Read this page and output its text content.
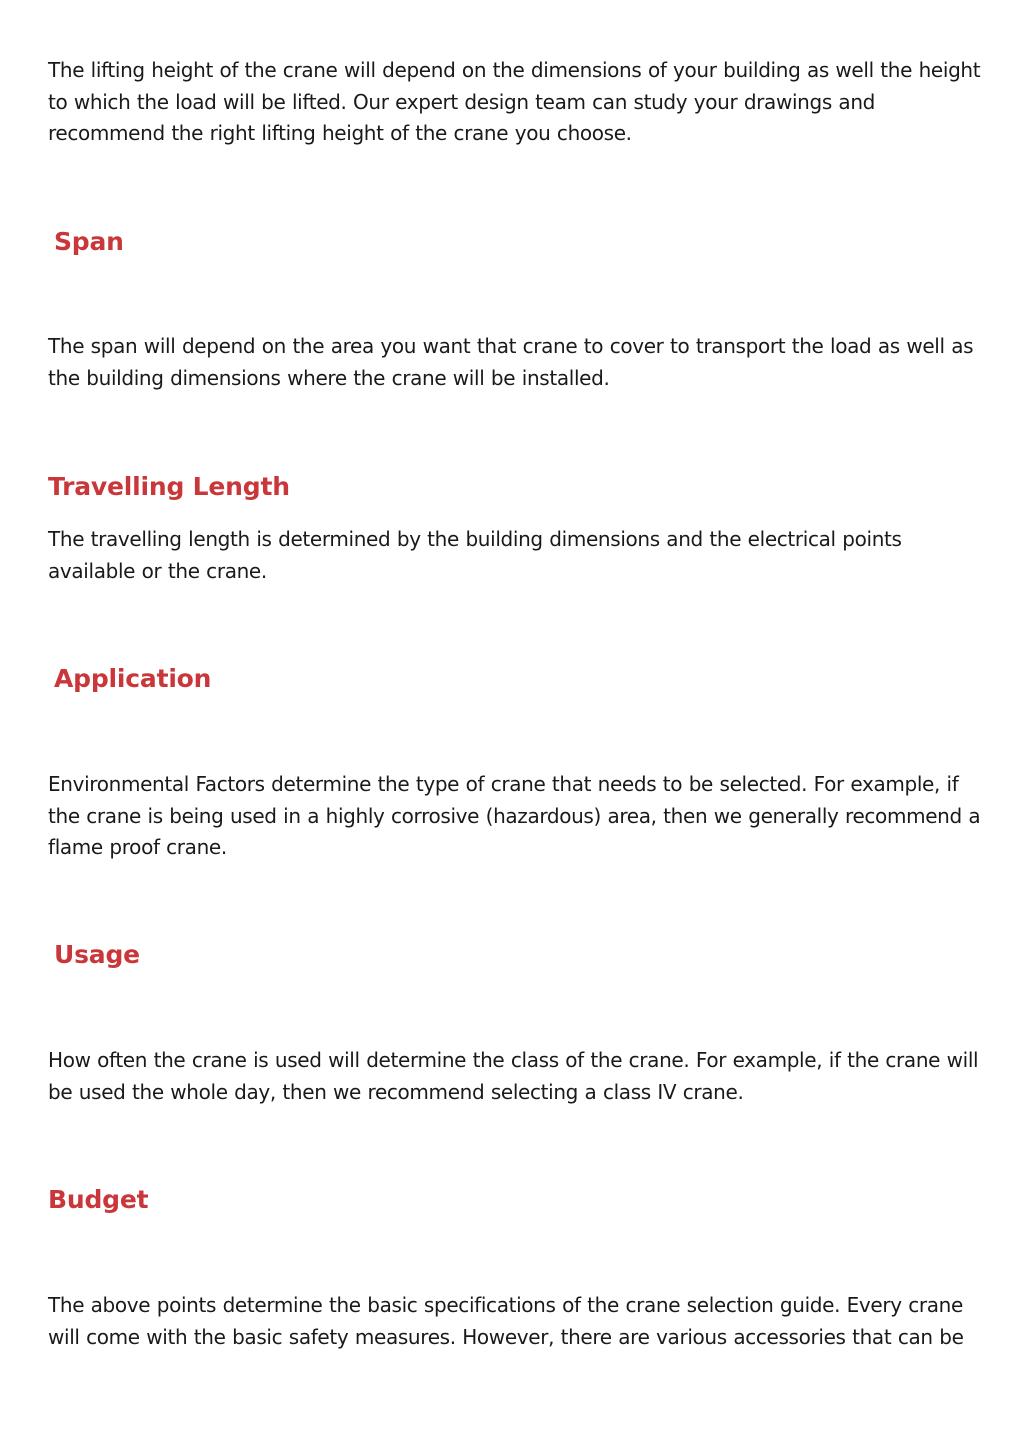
The lifting height of the crane will depend on the dimensions of your building as well the height to which the load will be lifted. Our expert design team can study your drawings and recommend the right lifting height of the crane you choose.

Span

The span will depend on the area you want that crane to cover to transport the load as well as the building dimensions where the crane will be installed.

Travelling Length

The travelling length is determined by the building dimensions and the electrical points available or the crane.

Application

Environmental Factors determine the type of crane that needs to be selected. For example, if the crane is being used in a highly corrosive (hazardous) area, then we generally recommend a flame proof crane.

Usage

How often the crane is used will determine the class of the crane. For example, if the crane will be used the whole day, then we recommend selecting a class IV crane.

Budget

The above points determine the basic specifications of the crane selection guide. Every crane will come with the basic safety measures. However, there are various accessories that can be
